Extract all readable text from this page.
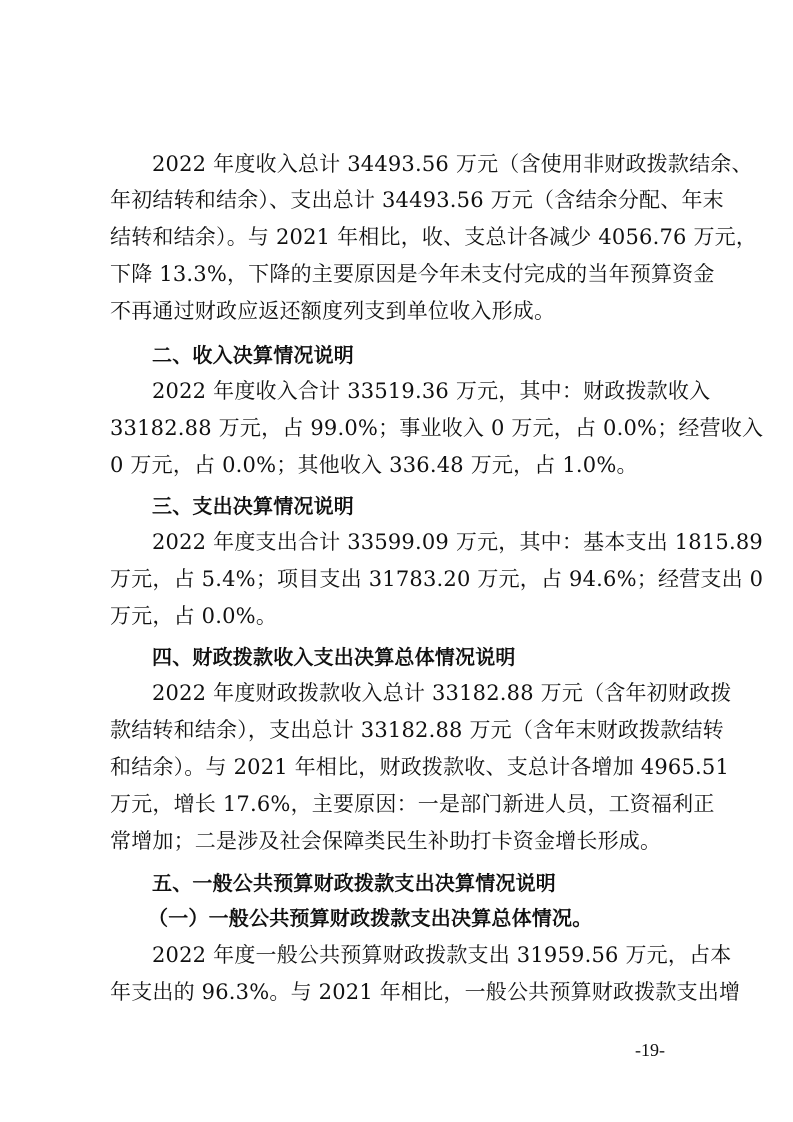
2022 年度收入总计 34493.56 万元（含使用非财政拨款结余、
年初结转和结余）、支出总计 34493.56 万元（含结余分配、年末
结转和结余）。与 2021 年相比，收、支总计各减少 4056.76 万元，
下降 13.3%，下降的主要原因是今年未支付完成的当年预算资金
不再通过财政应返还额度列支到单位收入形成。
二、收入决算情况说明
2022 年度收入合计 33519.36 万元，其中：财政拨款收入
33182.88 万元，占 99.0%；事业收入 0 万元，占 0.0%；经营收入
0 万元，占 0.0%；其他收入 336.48 万元，占 1.0%。
三、支出决算情况说明
2022 年度支出合计 33599.09 万元，其中：基本支出 1815.89
万元，占 5.4%；项目支出 31783.20 万元，占 94.6%；经营支出 0
万元，占 0.0%。
四、财政拨款收入支出决算总体情况说明
2022 年度财政拨款收入总计 33182.88 万元（含年初财政拨
款结转和结余），支出总计 33182.88 万元（含年末财政拨款结转
和结余）。与 2021 年相比，财政拨款收、支总计各增加 4965.51
万元，增长 17.6%，主要原因：一是部门新进人员，工资福利正
常增加；二是涉及社会保障类民生补助打卡资金增长形成。
五、一般公共预算财政拨款支出决算情况说明
（一）一般公共预算财政拨款支出决算总体情况。
2022 年度一般公共预算财政拨款支出 31959.56 万元，占本
年支出的 96.3%。与 2021 年相比，一般公共预算财政拨款支出增
-19-
